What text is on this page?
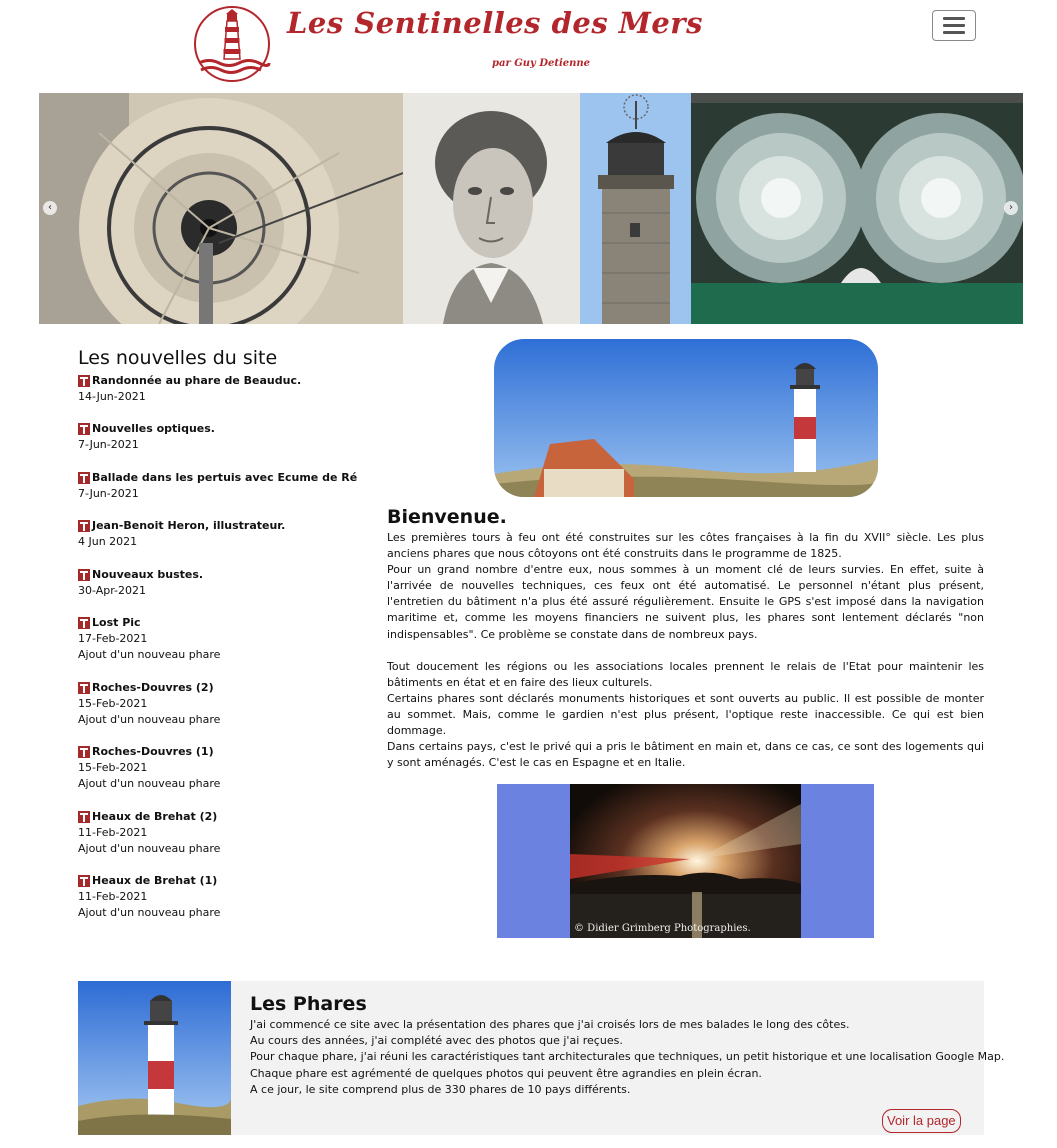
Les Sentinelles des Mers
par Guy Detienne
‹	›
Les nouvelles du site
Randonnée au phare de Beauduc.
14-Jun-2021
Nouvelles optiques.
7-Jun-2021
Ballade dans les pertuis avec Ecume de Ré
7-Jun-2021
Jean-Benoit Heron, illustrateur.
4 Jun 2021
Nouveaux bustes.
30-Apr-2021
Lost Pic
17-Feb-2021
Ajout d'un nouveau phare
Roches-Douvres (2)
15-Feb-2021
Ajout d'un nouveau phare
Roches-Douvres (1)
15-Feb-2021
Ajout d'un nouveau phare
Heaux de Brehat (2)
11-Feb-2021
Ajout d'un nouveau phare
Heaux de Brehat (1)
11-Feb-2021
Ajout d'un nouveau phare
Bienvenue.

Les premières tours à feu ont été construites sur les côtes françaises à la fin du XVII° siècle. Les plus anciens phares que nous côtoyons ont été construits dans le programme de 1825.

Pour un grand nombre d'entre eux, nous sommes à un moment clé de leurs survies. En effet, suite à l'arrivée de nouvelles techniques, ces feux ont été automatisé. Le personnel n'étant plus présent, l'entretien du bâtiment n'a plus été assuré régulièrement. Ensuite le GPS s'est imposé dans la navigation maritime et, comme les moyens financiers ne suivent plus, les phares sont lentement déclarés "non indispensables". Ce problème se constate dans de nombreux pays.

Tout doucement les régions ou les associations locales prennent le relais de l'Etat pour maintenir les bâtiments en état et en faire des lieux culturels.

Certains phares sont déclarés monuments historiques et sont ouverts au public. Il est possible de monter au sommet. Mais, comme le gardien n'est plus présent, l'optique reste inaccessible. Ce qui est bien dommage.

Dans certains pays, c'est le privé qui a pris le bâtiment en main et, dans ce cas, ce sont des logements qui y sont aménagés. C'est le cas en Espagne et en Italie.

© Didier Grimberg Photographies.
Les Phares

J'ai commencé ce site avec la présentation des phares que j'ai croisés lors de mes balades le long des côtes.

Au cours des années, j'ai complété avec des photos que j'ai reçues.

Pour chaque phare, j'ai réuni les caractéristiques tant architecturales que techniques, un petit historique et une localisation Google Map.

Chaque phare est agrémenté de quelques photos qui peuvent être agrandies en plein écran.

A ce jour, le site comprend plus de 330 phares de 10 pays différents.

Voir la page
